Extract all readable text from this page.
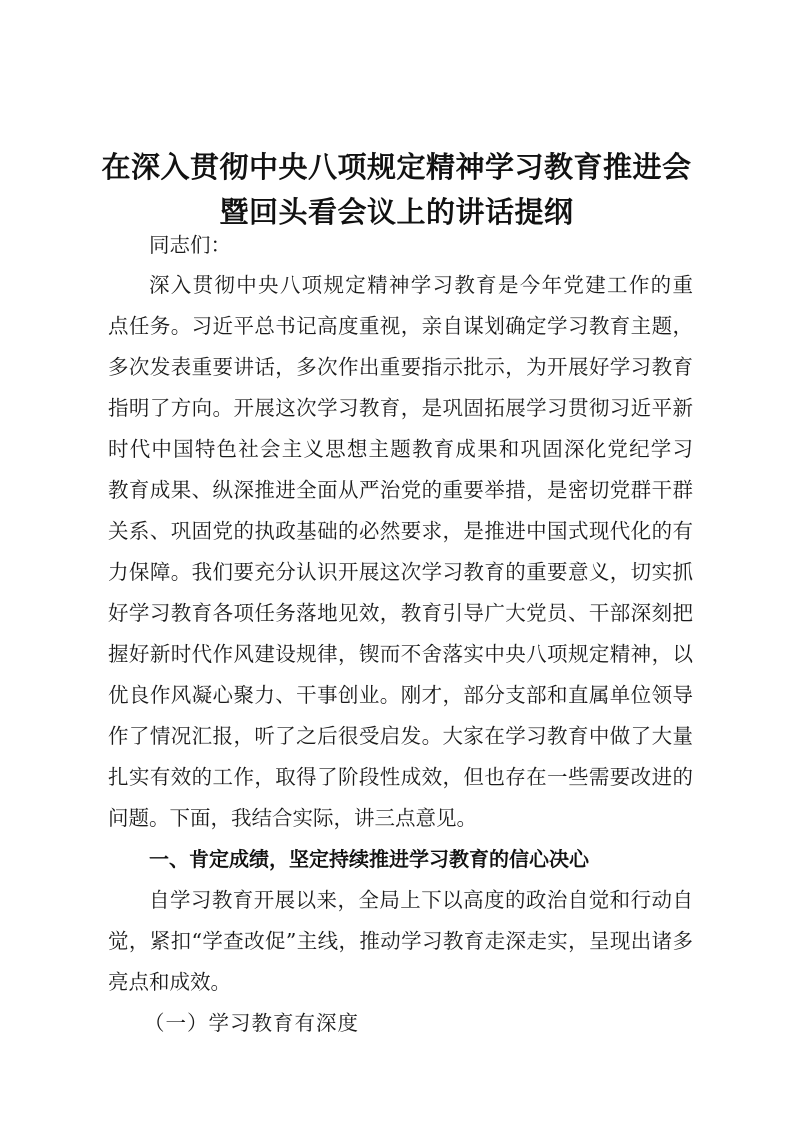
在深入贯彻中央八项规定精神学习教育推进会
暨回头看会议上的讲话提纲
同志们：
深入贯彻中央八项规定精神学习教育是今年党建工作的重
点任务。习近平总书记高度重视，亲自谋划确定学习教育主题，
多次发表重要讲话，多次作出重要指示批示，为开展好学习教育
指明了方向。开展这次学习教育，是巩固拓展学习贯彻习近平新
时代中国特色社会主义思想主题教育成果和巩固深化党纪学习
教育成果、纵深推进全面从严治党的重要举措，是密切党群干群
关系、巩固党的执政基础的必然要求，是推进中国式现代化的有
力保障。我们要充分认识开展这次学习教育的重要意义，切实抓
好学习教育各项任务落地见效，教育引导广大党员、干部深刻把
握好新时代作风建设规律，锲而不舍落实中央八项规定精神，以
优良作风凝心聚力、干事创业。刚才，部分支部和直属单位领导
作了情况汇报，听了之后很受启发。大家在学习教育中做了大量
扎实有效的工作，取得了阶段性成效，但也存在一些需要改进的
问题。下面，我结合实际，讲三点意见。
一、肯定成绩，坚定持续推进学习教育的信心决心
自学习教育开展以来，全局上下以高度的政治自觉和行动自
觉，紧扣“学查改促”主线，推动学习教育走深走实，呈现出诸多
亮点和成效。
（一）学习教育有深度
